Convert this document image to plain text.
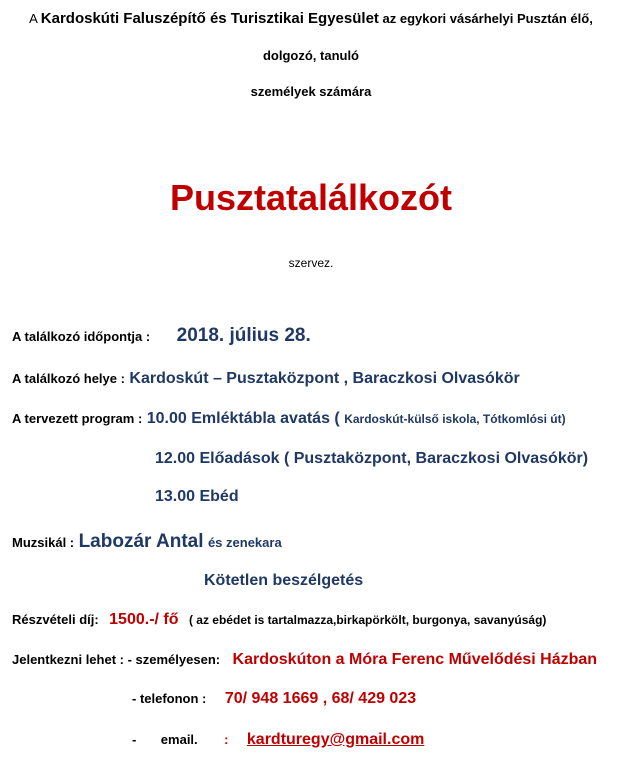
A Kardoskúti Faluszépítő és Turisztikai Egyesület az egykori vásárhelyi Pusztán élő,
dolgozó, tanuló
személyek számára
Pusztatalálkozót
szervez.
A találkozó időpontja : 2018. július 28.
A találkozó helye : Kardoskút – Pusztaközpont , Baraczkosi Olvasókör
A tervezett program : 10.00 Emléktábla avatás ( Kardoskút-külső iskola, Tótkomlósi út)
12.00 Előadások ( Pusztaközpont, Baraczkosi Olvasókör)
13.00 Ebéd
Muzsikál : Labozár Antal és zenekara
Kötetlen beszélgetés
Részvételi díj: 1500.-/ fő ( az ebédet is tartalmazza,birkapörkölt, burgonya, savanyúság)
Jelentkezni lehet : - személyesen: Kardoskúton a Móra Ferenc Művelődési Házban
- telefonon : 70/ 948 1669 , 68/ 429 023
- email. : kardturegy@gmail.com
